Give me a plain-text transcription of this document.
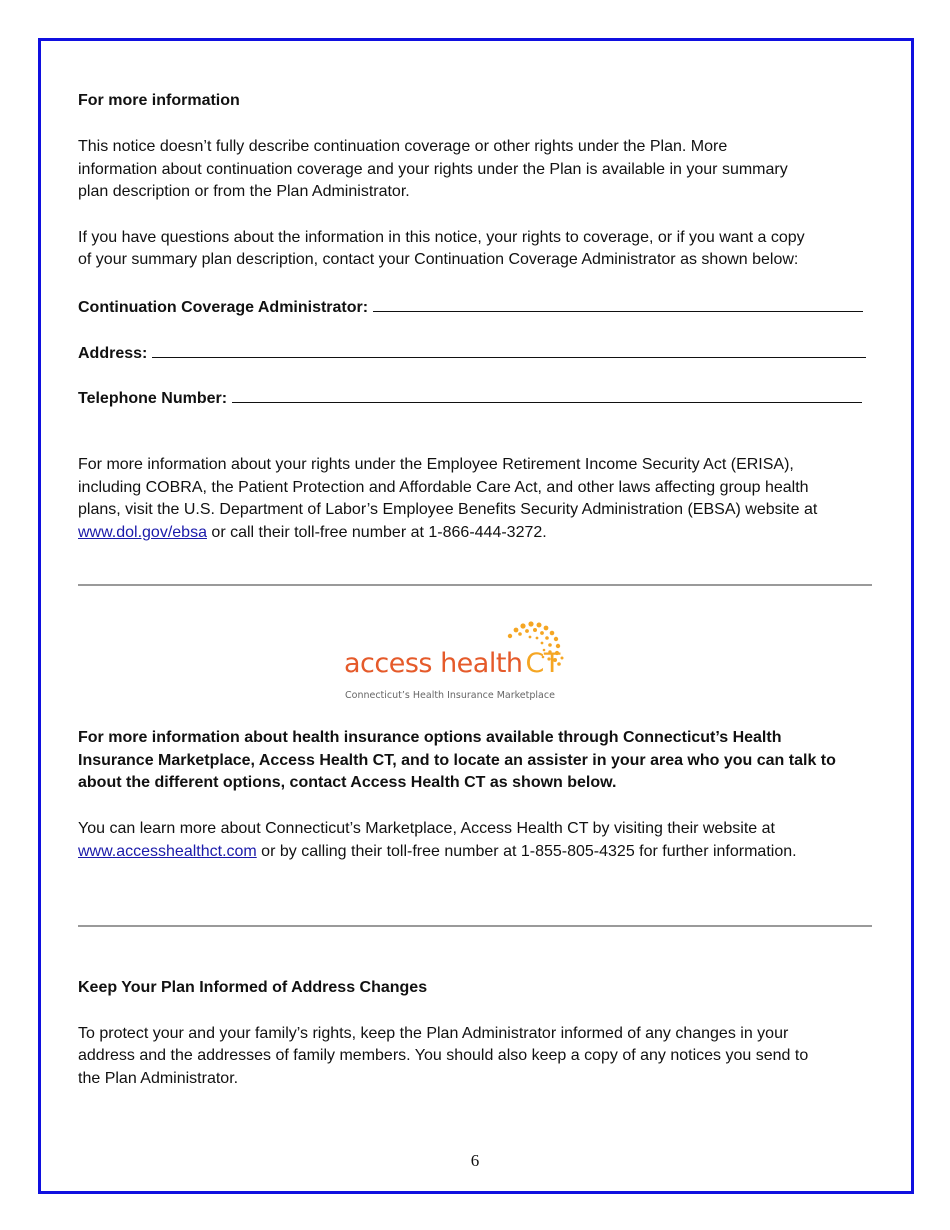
For more information

This notice doesn’t fully describe continuation coverage or other rights under the Plan. More

information about continuation coverage and your rights under the Plan is available in your summary

plan description or from the Plan Administrator.

If you have questions about the information in this notice, your rights to coverage, or if you want a copy

of your summary plan description, contact your Continuation Coverage Administrator as shown below:

Continuation Coverage Administrator:

Address:

Telephone Number:

For more information about your rights under the Employee Retirement Income Security Act (ERISA),

including COBRA, the Patient Protection and Affordable Care Act, and other laws affecting group health

plans, visit the U.S. Department of Labor’s Employee Benefits Security Administration (EBSA) website at

www.dol.gov/ebsa or call their toll-free number at 1-866-444-3272.

For more information about health insurance options available through Connecticut’s Health

Insurance Marketplace, Access Health CT, and to locate an assister in your area who you can talk to

about the different options, contact Access Health CT as shown below.

You can learn more about Connecticut’s Marketplace, Access Health CT by visiting their website at

www.accesshealthct.com or by calling their toll-free number at 1-855-805-4325 for further information.

Keep Your Plan Informed of Address Changes

To protect your and your family’s rights, keep the Plan Administrator informed of any changes in your

address and the addresses of family members. You should also keep a copy of any notices you send to

the Plan Administrator.

access health CT
Connecticut’s Health Insurance Marketplace
6
